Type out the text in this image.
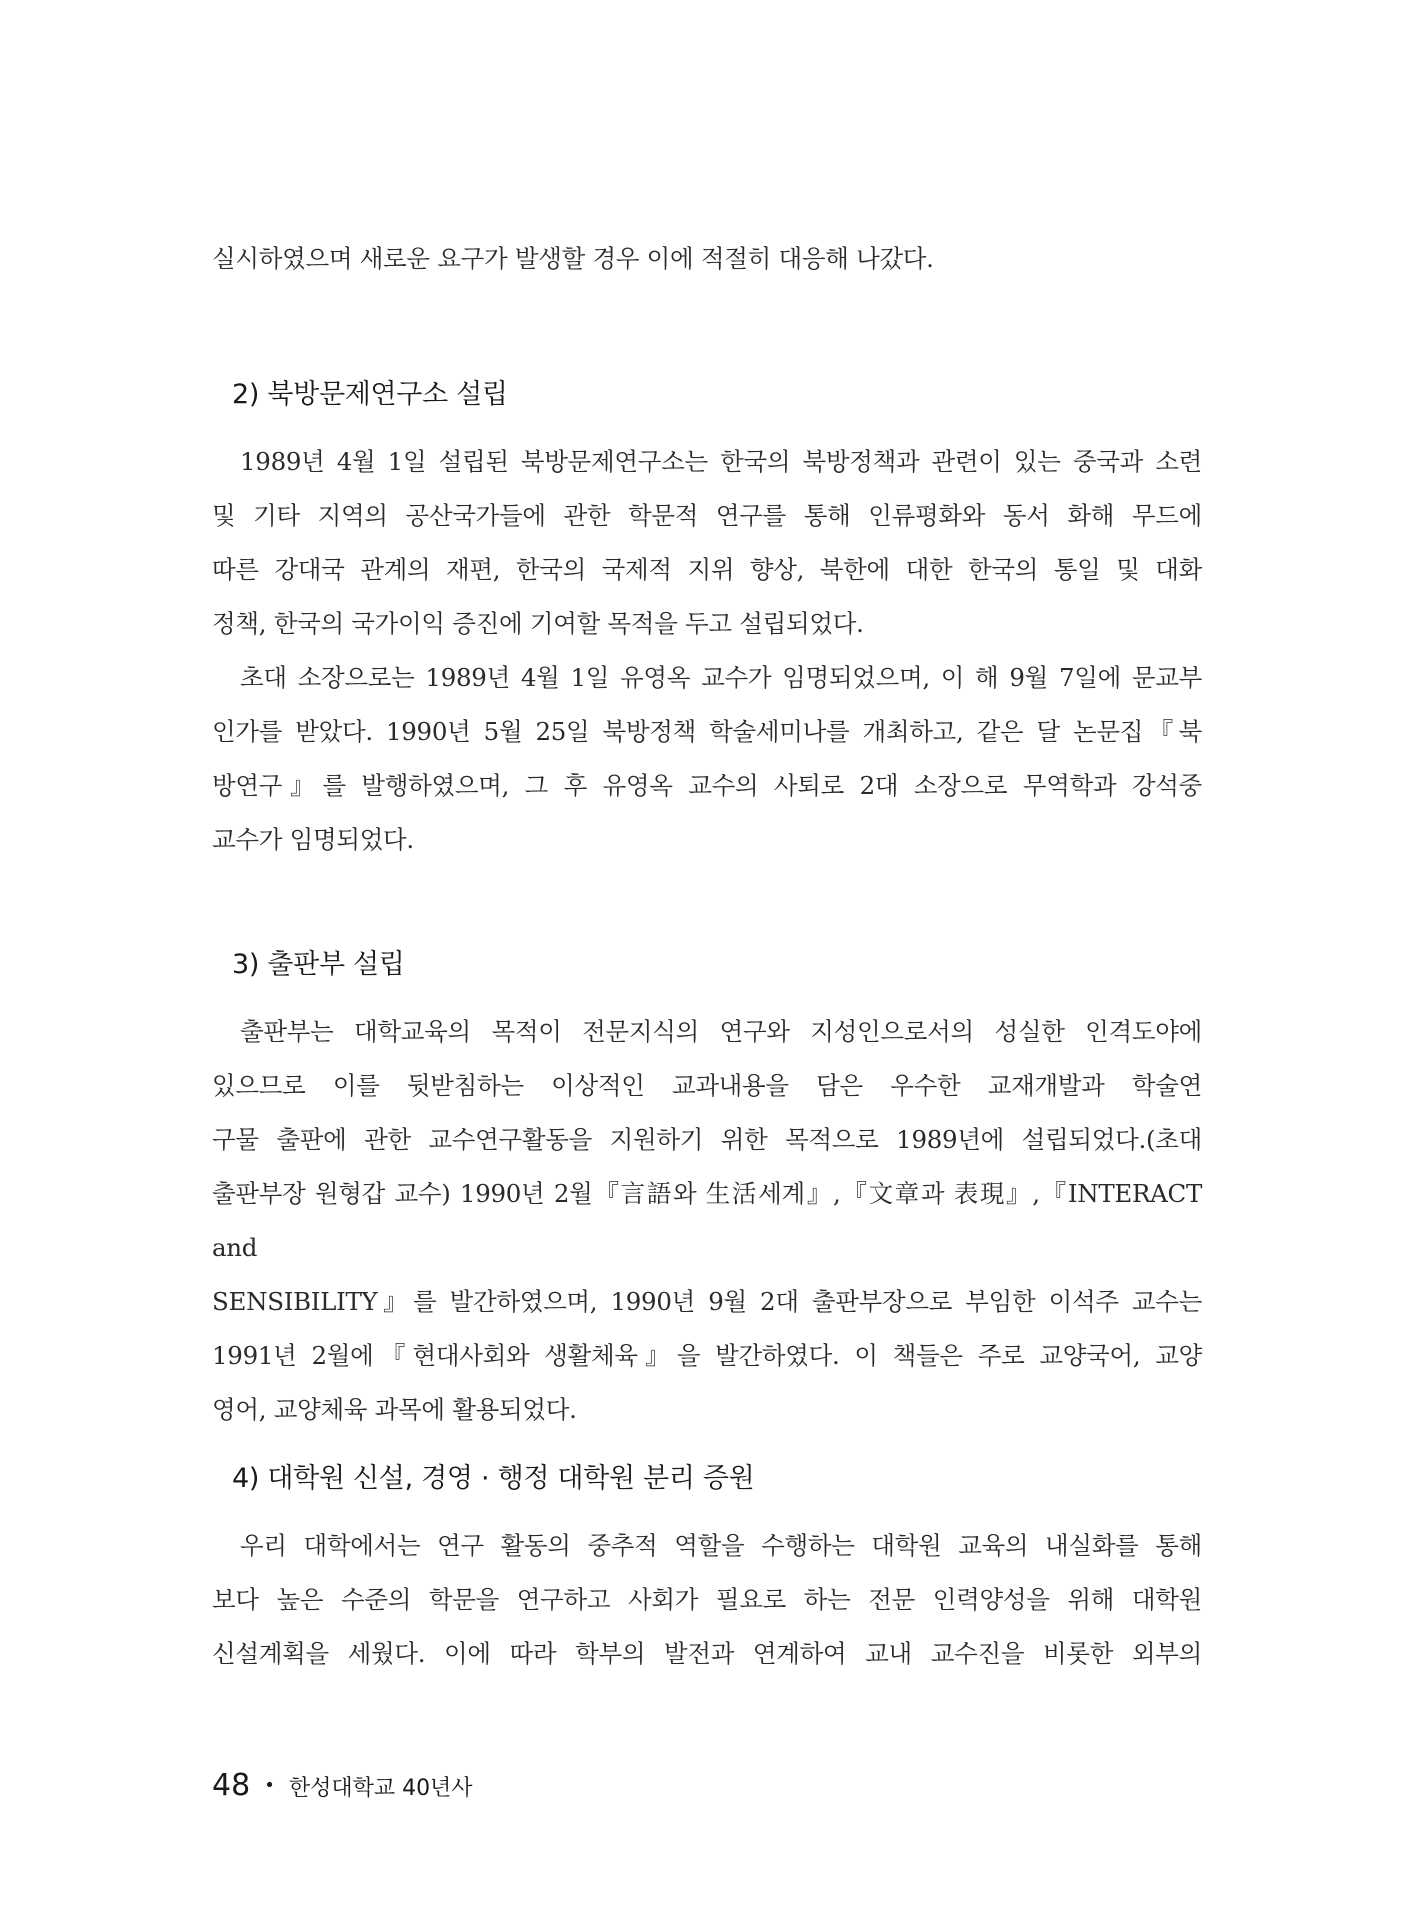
실시하였으며 새로운 요구가 발생할 경우 이에 적절히 대응해 나갔다.

2) 북방문제연구소 설립

1989년 4월 1일 설립된 북방문제연구소는 한국의 북방정책과 관련이 있는 중국과 소련
및 기타 지역의 공산국가들에 관한 학문적 연구를 통해 인류평화와 동서 화해 무드에
따른 강대국 관계의 재편, 한국의 국제적 지위 향상, 북한에 대한 한국의 통일 및 대화
정책, 한국의 국가이익 증진에 기여할 목적을 두고 설립되었다.

초대 소장으로는 1989년 4월 1일 유영옥 교수가 임명되었으며, 이 해 9월 7일에 문교부
인가를 받았다. 1990년 5월 25일 북방정책 학술세미나를 개최하고, 같은 달 논문집『북
방연구』를 발행하였으며, 그 후 유영옥 교수의 사퇴로 2대 소장으로 무역학과 강석중
교수가 임명되었다.

3) 출판부 설립

출판부는 대학교육의 목적이 전문지식의 연구와 지성인으로서의 성실한 인격도야에
있으므로 이를 뒷받침하는 이상적인 교과내용을 담은 우수한 교재개발과 학술연
구물 출판에 관한 교수연구활동을 지원하기 위한 목적으로 1989년에 설립되었다.(초대
출판부장 원형갑 교수) 1990년 2월『言語와 生活세계』,『文章과 表現』,『INTERACT and
SENSIBILITY』를 발간하였으며, 1990년 9월 2대 출판부장으로 부임한 이석주 교수는
1991년 2월에『현대사회와 생활체육』을 발간하였다. 이 책들은 주로 교양국어, 교양
영어, 교양체육 과목에 활용되었다.

4) 대학원 신설, 경영 · 행정 대학원 분리 증원

우리 대학에서는 연구 활동의 중추적 역할을 수행하는 대학원 교육의 내실화를 통해
보다 높은 수준의 학문을 연구하고 사회가 필요로 하는 전문 인력양성을 위해 대학원
신설계획을 세웠다. 이에 따라 학부의 발전과 연계하여 교내 교수진을 비롯한 외부의

48 • 한성대학교 40년사
